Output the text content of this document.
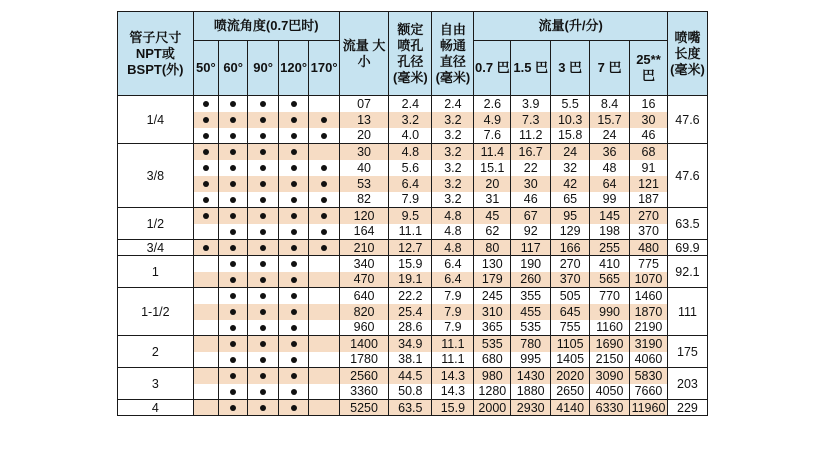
管子尺寸 NPT或 BSPT(外)	喷流角度(0.7巴时)					流量 大小	额定 喷孔 孔径 (毫米)	自由 畅通 直径 (毫米)	流量(升/分)					喷嘴 长度 (毫米)
	50°	60°	90°	120°	170°				0.7 巴	1.5 巴	3 巴	7 巴	25** 巴	
1/4						07	2.4	2.4	2.6	3.9	5.5	8.4	16	47.6
						13	3.2	3.2	4.9	7.3	10.3	15.7	30	
						20	4.0	3.2	7.6	11.2	15.8	24	46	
3/8						30	4.8	3.2	11.4	16.7	24	36	68	47.6
						40	5.6	3.2	15.1	22	32	48	91	
						53	6.4	3.2	20	30	42	64	121	
						82	7.9	3.2	31	46	65	99	187	
1/2						120	9.5	4.8	45	67	95	145	270	63.5
						164	11.1	4.8	62	92	129	198	370	
3/4						210	12.7	4.8	80	117	166	255	480	69.9
1						340	15.9	6.4	130	190	270	410	775	92.1
						470	19.1	6.4	179	260	370	565	1070	
1-1/2						640	22.2	7.9	245	355	505	770	1460	111
						820	25.4	7.9	310	455	645	990	1870	
						960	28.6	7.9	365	535	755	1160	2190	
2						1400	34.9	11.1	535	780	1105	1690	3190	175
						1780	38.1	11.1	680	995	1405	2150	4060	
3						2560	44.5	14.3	980	1430	2020	3090	5830	203
						3360	50.8	14.3	1280	1880	2650	4050	7660	
4						5250	63.5	15.9	2000	2930	4140	6330	11960	229
